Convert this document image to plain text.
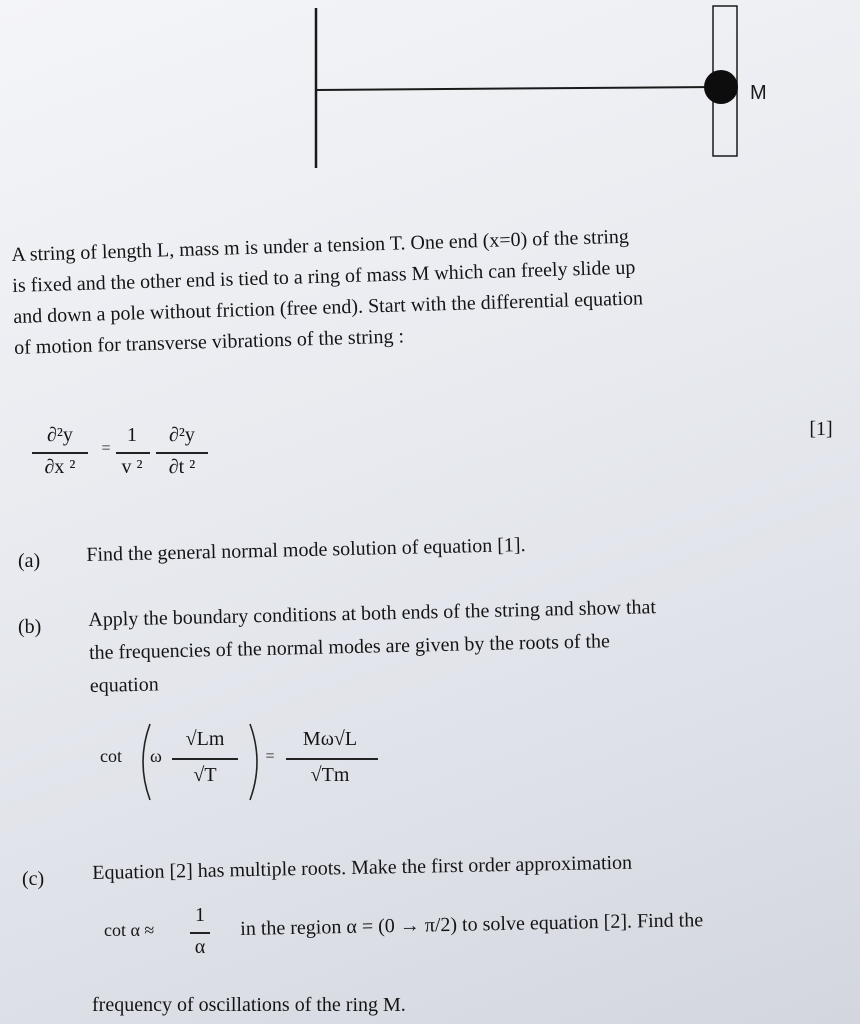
M
A string of length L, mass m is under a tension T. One end (x=0) of the string
is fixed and the other end is tied to a ring of mass M which can freely slide up
and down a pole without friction (free end). Start with the differential equation
of motion for transverse vibrations of the string :
∂²y
∂x ²
=
1
v ²
∂²y
∂t ²
[1]
(a) Find the general normal mode solution of equation [1].
(b) Apply the boundary conditions at both ends of the string and show that
the frequencies of the normal modes are given by the roots of the
equation
cot ω
√Lm
√T
=
Mω√L
√Tm
(c) Equation [2] has multiple roots. Make the first order approximation
cot α ≈
1
α
in the region α = (0 → π/2) to solve equation [2]. Find the
frequency of oscillations of the ring M.
